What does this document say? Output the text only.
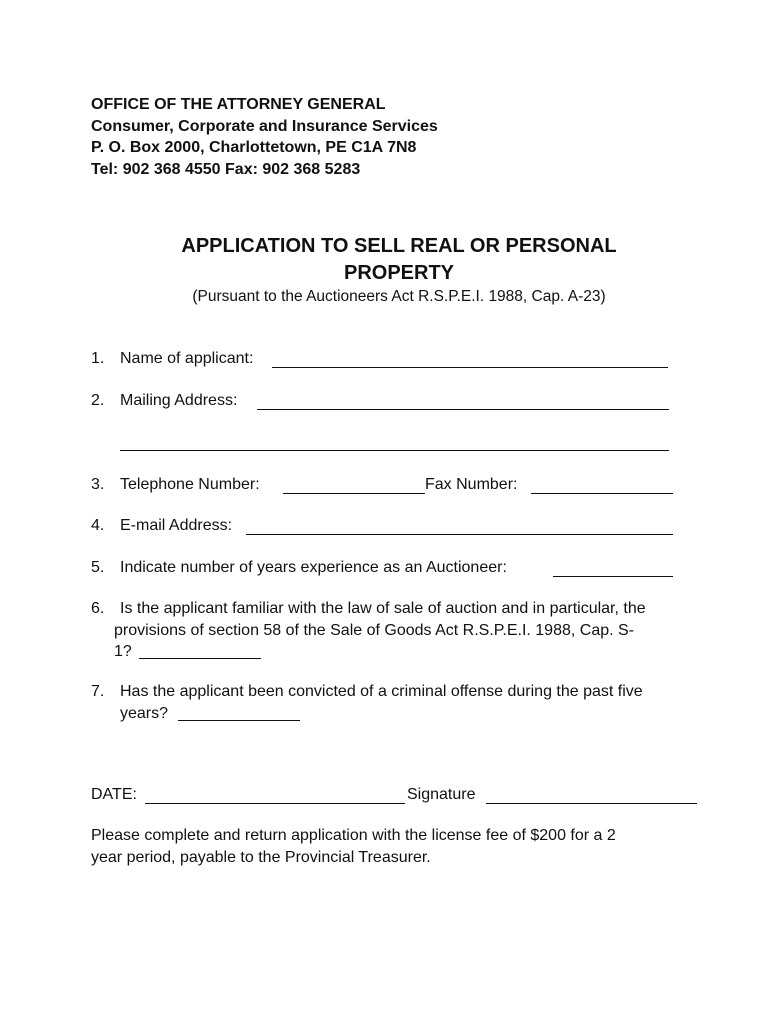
OFFICE OF THE ATTORNEY GENERAL
Consumer, Corporate and Insurance Services
P. O. Box 2000, Charlottetown, PE C1A 7N8
Tel: 902 368 4550 Fax: 902 368 5283
APPLICATION TO SELL REAL OR PERSONAL
PROPERTY
(Pursuant to the Auctioneers Act R.S.P.E.I. 1988, Cap. A-23)
1. Name of applicant:
2. Mailing Address:
3. Telephone Number:	Fax Number:
4. E-mail Address:
5. Indicate number of years experience as an Auctioneer:
6. Is the applicant familiar with the law of sale of auction and in particular, the
provisions of section 58 of the Sale of Goods Act R.S.P.E.I. 1988, Cap. S-
1?
7. Has the applicant been convicted of a criminal offense during the past five
years?
DATE:	Signature
Please complete and return application with the license fee of $200 for a 2
year period, payable to the Provincial Treasurer.
